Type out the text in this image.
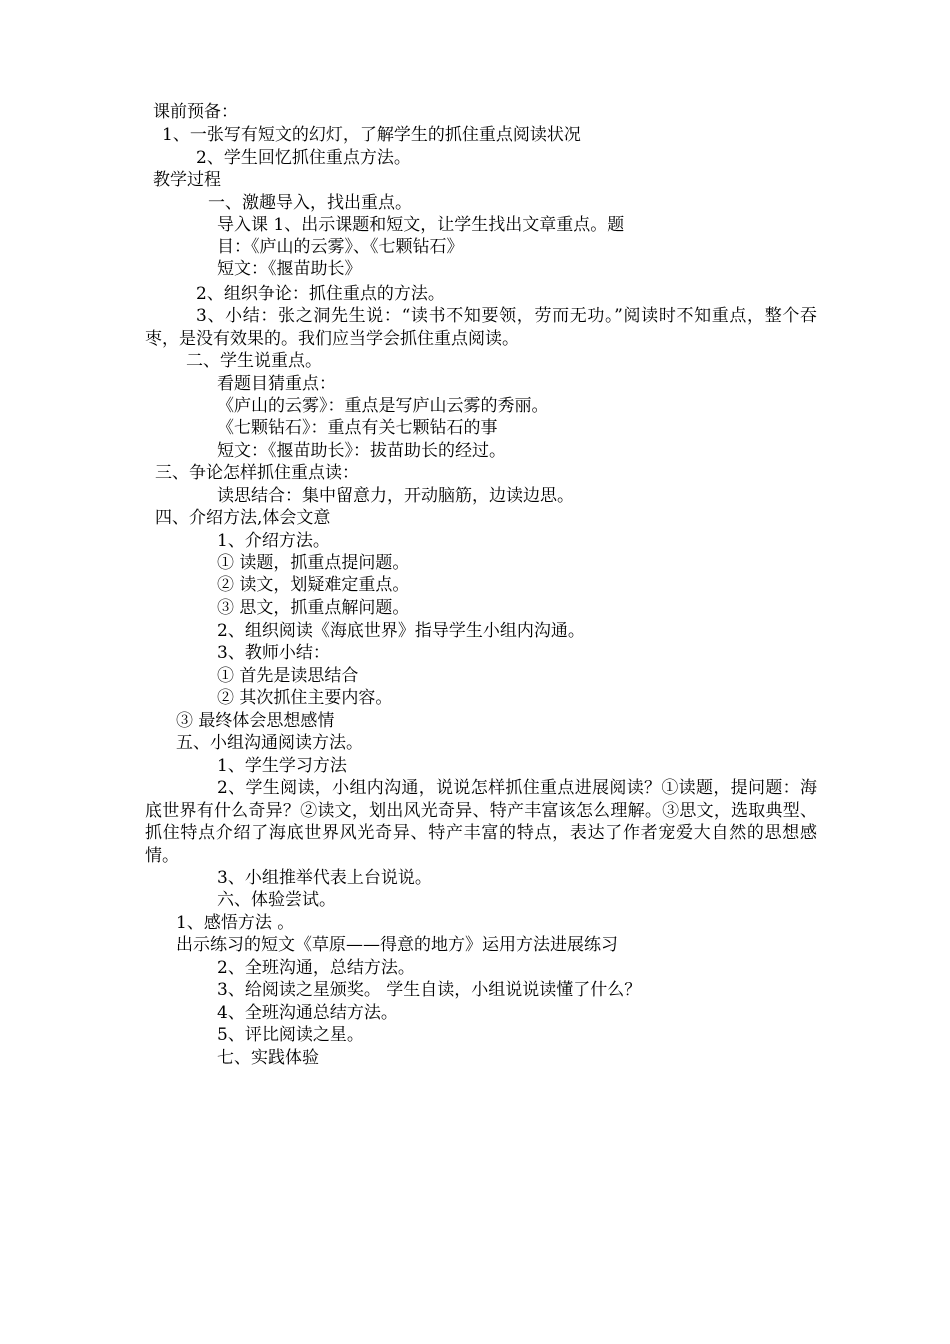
课前预备：

1、一张写有短文的幻灯，了解学生的抓住重点阅读状况

2、学生回忆抓住重点方法。

教学过程

一、激趣导入，找出重点。

导入课 1、出示课题和短文，让学生找出文章重点。题

目：《庐山的云雾》、《七颗钻石》

短文：《揠苗助长》

2、组织争论：抓住重点的方法。

3、小结：张之洞先生说：“读书不知要领，劳而无功。”阅读时不知重点，整个吞枣，是没有效果的。我们应当学会抓住重点阅读。

二、学生说重点。

看题目猜重点：

《庐山的云雾》：重点是写庐山云雾的秀丽。

《七颗钻石》：重点有关七颗钻石的事

短文：《揠苗助长》：拔苗助长的经过。

三、争论怎样抓住重点读：

读思结合：集中留意力，开动脑筋，边读边思。

四、介绍方法,体会文意

1、介绍方法。

① 读题，抓重点提问题。

② 读文，划疑难定重点。

③ 思文，抓重点解问题。

2、组织阅读《海底世界》指导学生小组内沟通。

3、教师小结：

① 首先是读思结合

② 其次抓住主要内容。

③ 最终体会思想感情

五、小组沟通阅读方法。

1、学生学习方法

2、学生阅读，小组内沟通，说说怎样抓住重点进展阅读？①读题，提问题：海底世界有什么奇异？②读文，划出风光奇异、特产丰富该怎么理解。③思文，选取典型、抓住特点介绍了海底世界风光奇异、特产丰富的特点，表达了作者宠爱大自然的思想感情。

3、小组推举代表上台说说。

六、体验尝试。

1、感悟方法 。

出示练习的短文《草原——得意的地方》运用方法进展练习

2、全班沟通，总结方法。

3、给阅读之星颁奖。 学生自读，小组说说读懂了什么？

4、全班沟通总结方法。

5、评比阅读之星。

七、实践体验
